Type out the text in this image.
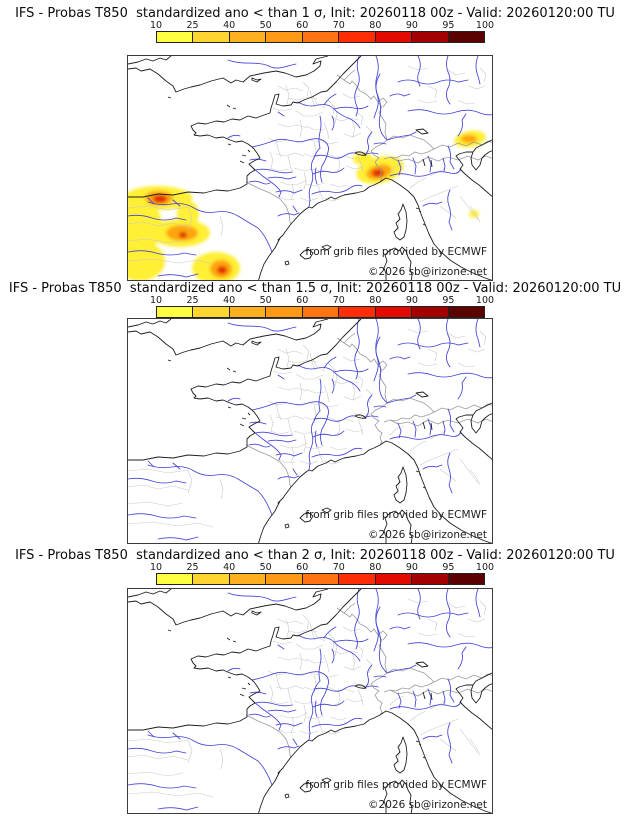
IFS - Probas T850  standardized ano < than 1 σ, Init: 20260118 00z - Valid: 20260120:00 TU
10	25	40	50	60	70	80	90	95 100
from grib files provided by ECMWF
©2026 sb@irizone.net
IFS - Probas T850  standardized ano < than 1.5 σ, Init: 20260118 00z - Valid: 20260120:00 TU
10	25	40	50	60	70	80	90	95 100
from grib files provided by ECMWF
©2026 sb@irizone.net
IFS - Probas T850  standardized ano < than 2 σ, Init: 20260118 00z - Valid: 20260120:00 TU
10	25	40	50	60	70	80	90	95 100
from grib files provided by ECMWF
©2026 sb@irizone.net
